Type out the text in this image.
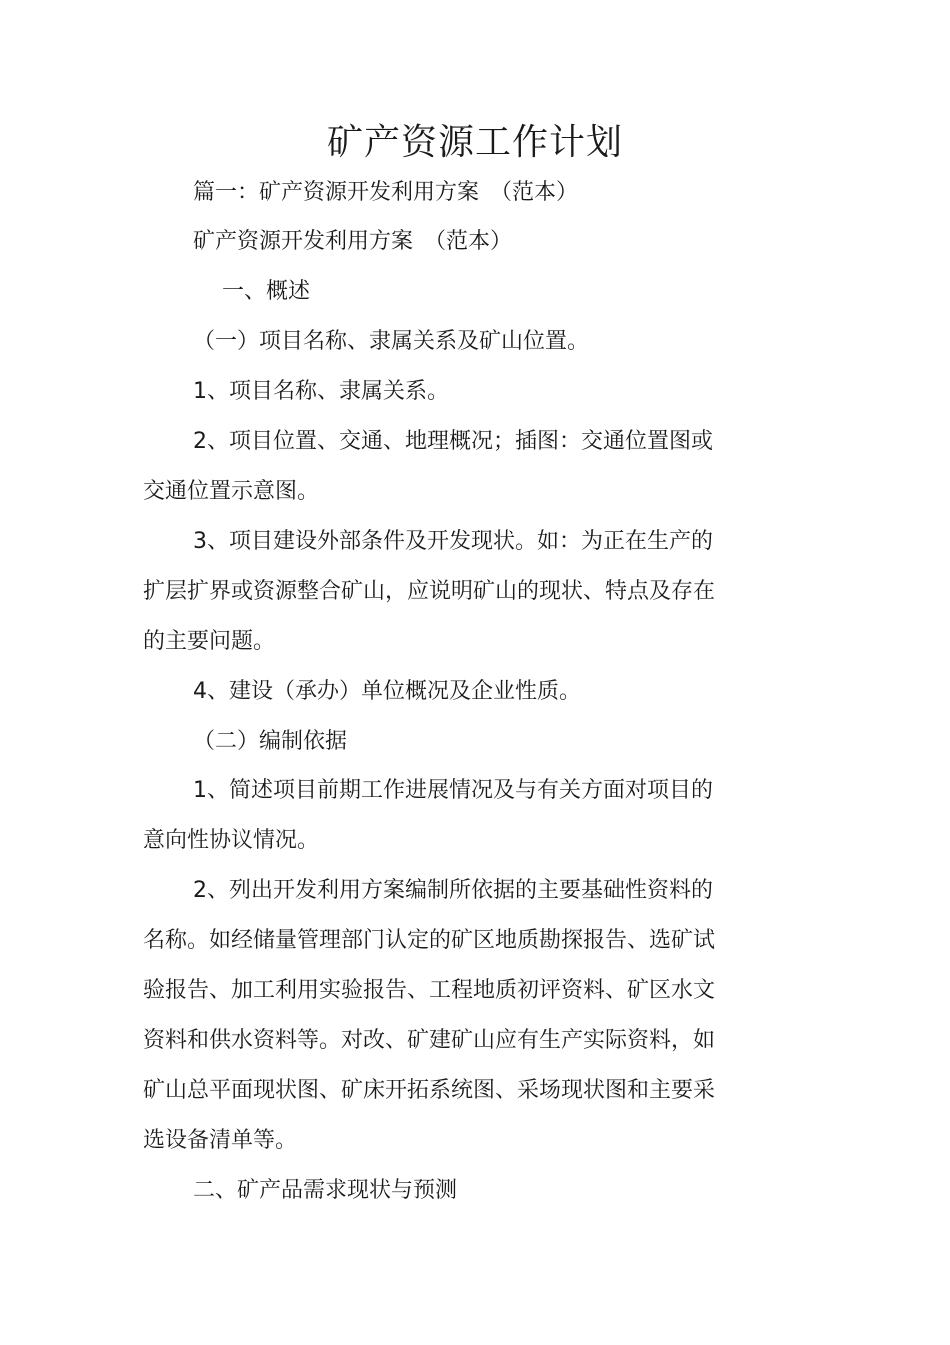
矿产资源工作计划

篇一：矿产资源开发利用方案　（范本）

矿产资源开发利用方案　（范本）

一、概述

（一）项目名称、隶属关系及矿山位置。

1、项目名称、隶属关系。

2、项目位置、交通、地理概况；插图：交通位置图或

交通位置示意图。

3、项目建设外部条件及开发现状。如：为正在生产的

扩层扩界或资源整合矿山，应说明矿山的现状、特点及存在

的主要问题。

4、建设（承办）单位概况及企业性质。

（二）编制依据

1、简述项目前期工作进展情况及与有关方面对项目的

意向性协议情况。

2、列出开发利用方案编制所依据的主要基础性资料的

名称。如经储量管理部门认定的矿区地质勘探报告、选矿试

验报告、加工利用实验报告、工程地质初评资料、矿区水文

资料和供水资料等。对改、矿建矿山应有生产实际资料，如

矿山总平面现状图、矿床开拓系统图、采场现状图和主要采

选设备清单等。

二、矿产品需求现状与预测
